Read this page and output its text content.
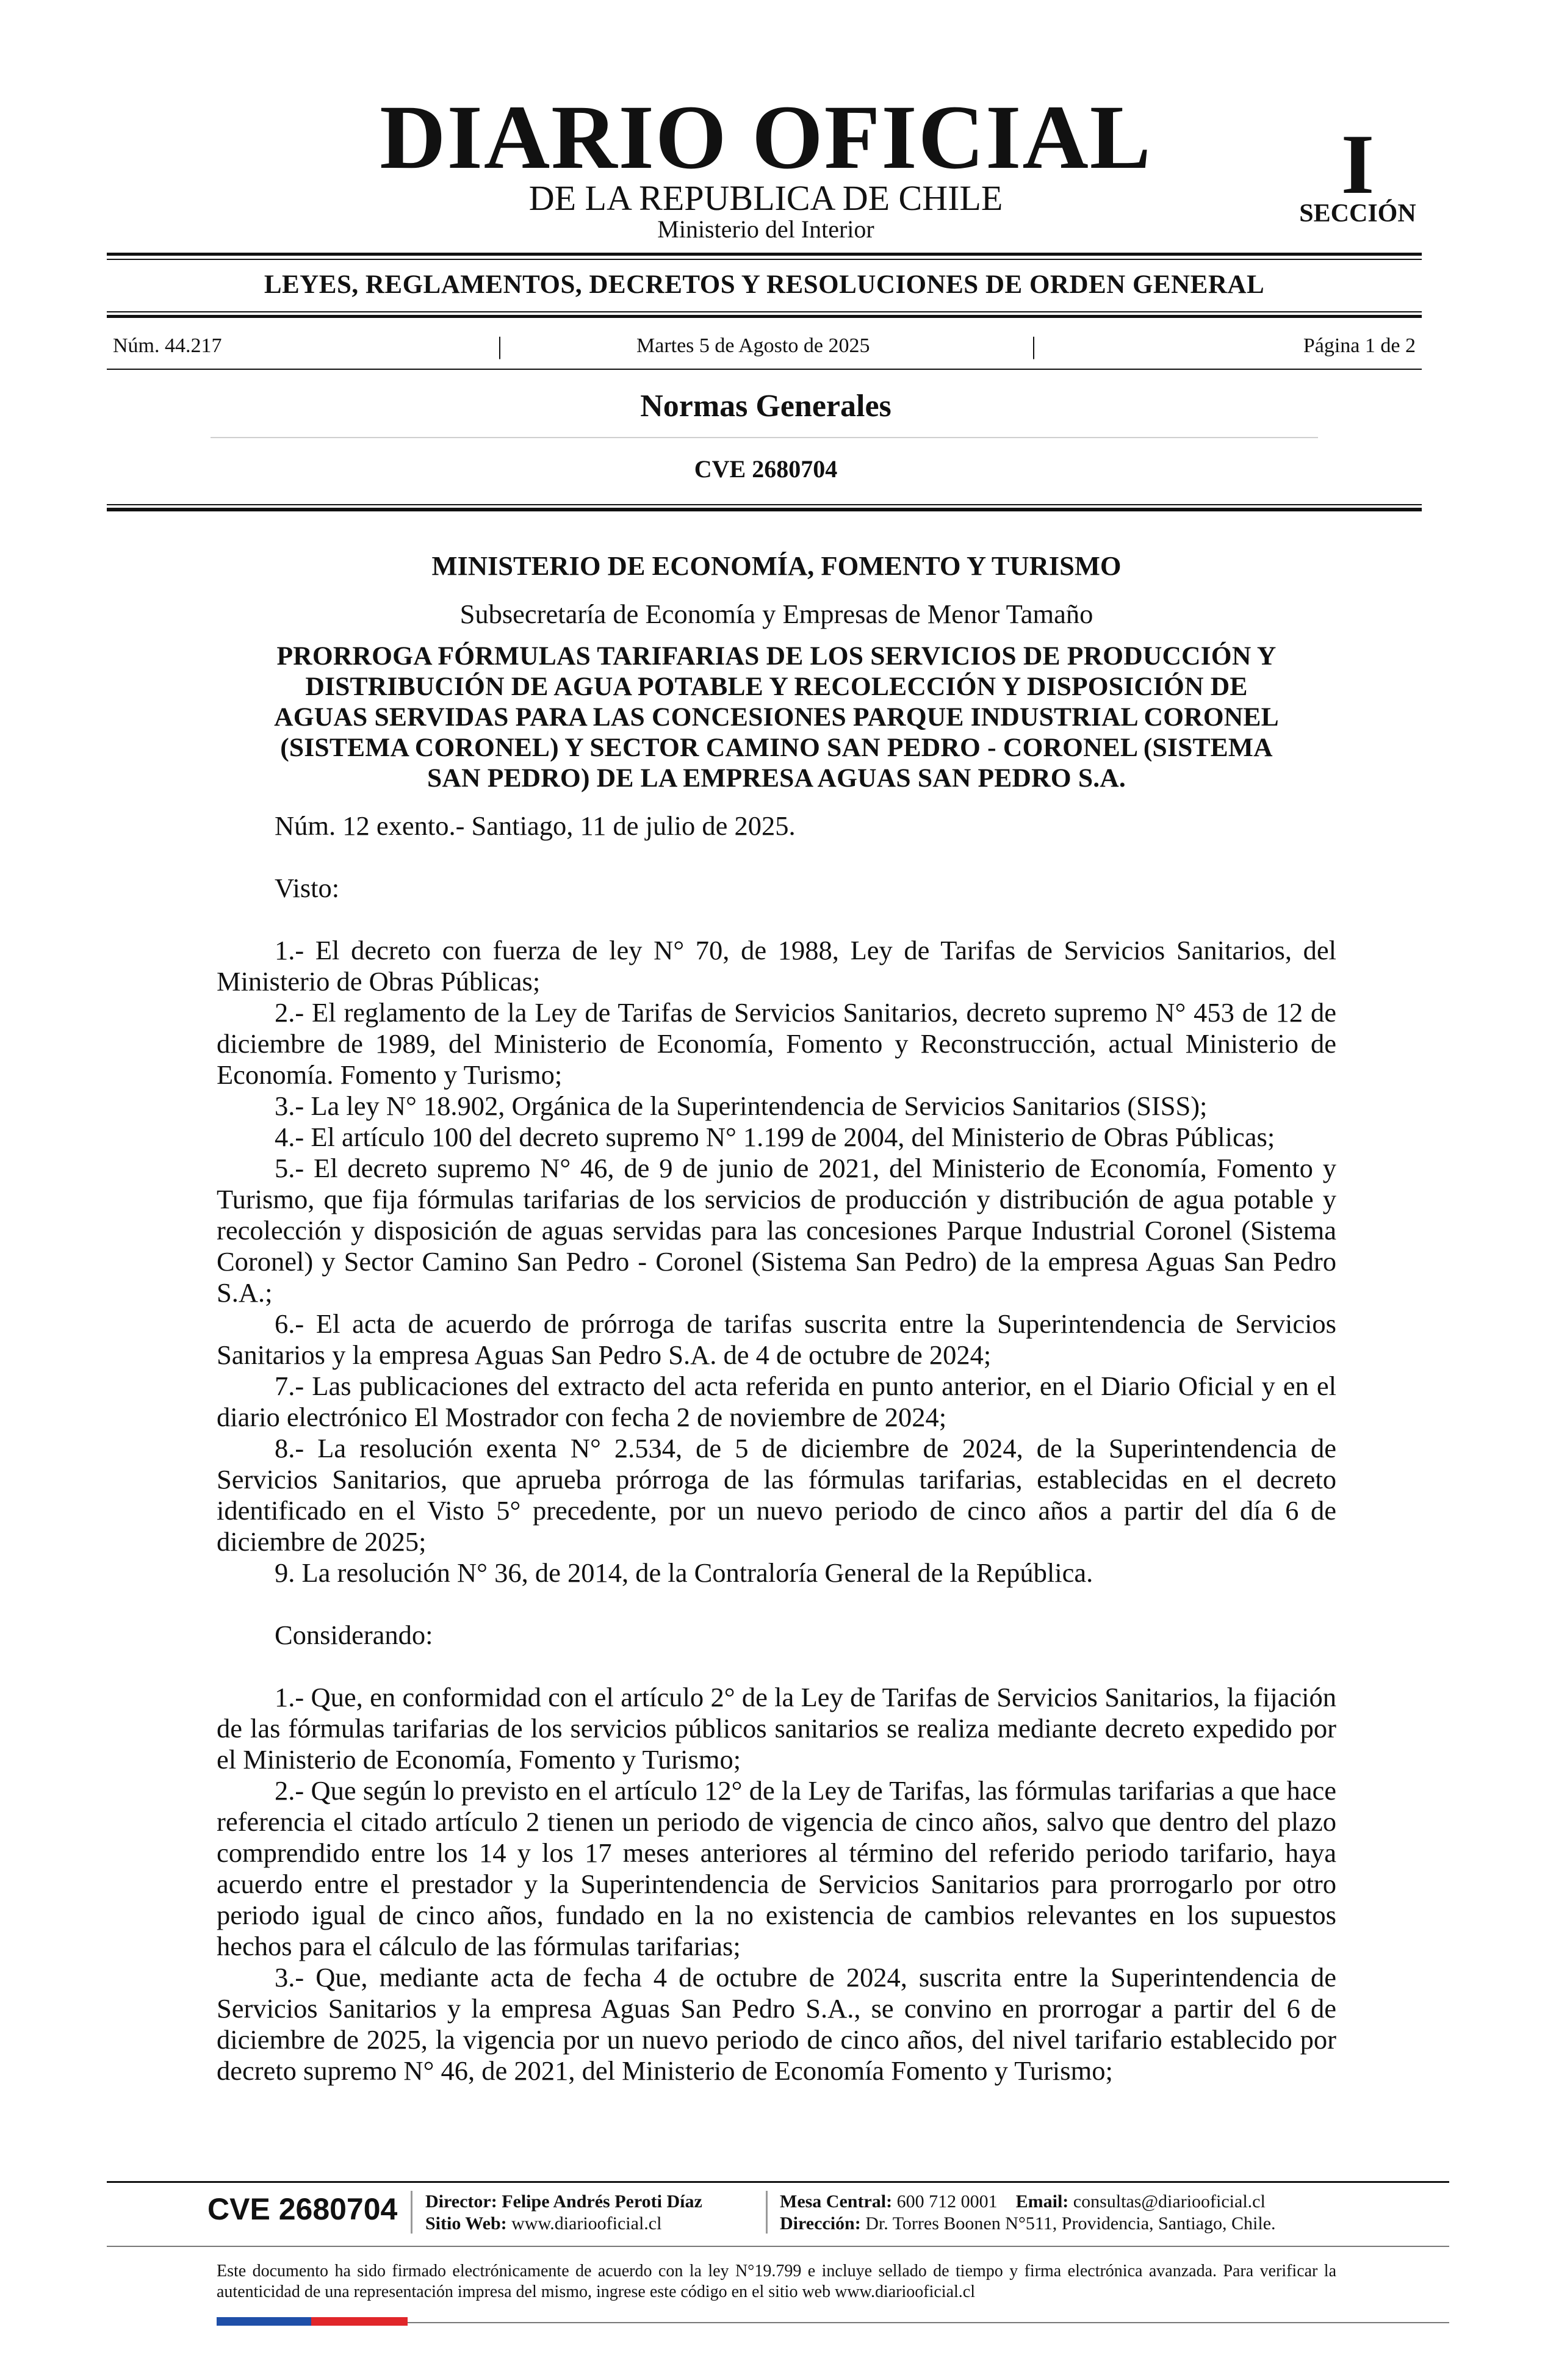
DIARIO OFICIAL
DE LA REPUBLICA DE CHILE
Ministerio del Interior
I
SECCIÓN
LEYES, REGLAMENTOS, DECRETOS Y RESOLUCIONES DE ORDEN GENERAL
Núm. 44.217	|	Martes 5 de Agosto de 2025	|	Página 1 de 2
Normas Generales
CVE 2680704
MINISTERIO DE ECONOMÍA, FOMENTO Y TURISMO
Subsecretaría de Economía y Empresas de Menor Tamaño
PRORROGA FÓRMULAS TARIFARIAS DE LOS SERVICIOS DE PRODUCCIÓN Y
DISTRIBUCIÓN DE AGUA POTABLE Y RECOLECCIÓN Y DISPOSICIÓN DE
AGUAS SERVIDAS PARA LAS CONCESIONES PARQUE INDUSTRIAL CORONEL
(SISTEMA CORONEL) Y SECTOR CAMINO SAN PEDRO - CORONEL (SISTEMA
SAN PEDRO) DE LA EMPRESA AGUAS SAN PEDRO S.A.

Núm. 12 exento.- Santiago, 11 de julio de 2025.

Visto:

1.- El decreto con fuerza de ley N° 70, de 1988, Ley de Tarifas de Servicios Sanitarios, del Ministerio de Obras Públicas;

2.- El reglamento de la Ley de Tarifas de Servicios Sanitarios, decreto supremo N° 453 de 12 de diciembre de 1989, del Ministerio de Economía, Fomento y Reconstrucción, actual Ministerio de Economía. Fomento y Turismo;

3.- La ley N° 18.902, Orgánica de la Superintendencia de Servicios Sanitarios (SISS);

4.- El artículo 100 del decreto supremo N° 1.199 de 2004, del Ministerio de Obras Públicas;

5.- El decreto supremo N° 46, de 9 de junio de 2021, del Ministerio de Economía, Fomento y Turismo, que fija fórmulas tarifarias de los servicios de producción y distribución de agua potable y recolección y disposición de aguas servidas para las concesiones Parque Industrial Coronel (Sistema Coronel) y Sector Camino San Pedro - Coronel (Sistema San Pedro) de la empresa Aguas San Pedro S.A.;

6.- El acta de acuerdo de prórroga de tarifas suscrita entre la Superintendencia de Servicios Sanitarios y la empresa Aguas San Pedro S.A. de 4 de octubre de 2024;

7.- Las publicaciones del extracto del acta referida en punto anterior, en el Diario Oficial y en el diario electrónico El Mostrador con fecha 2 de noviembre de 2024;

8.- La resolución exenta N° 2.534, de 5 de diciembre de 2024, de la Superintendencia de Servicios Sanitarios, que aprueba prórroga de las fórmulas tarifarias, establecidas en el decreto identificado en el Visto 5° precedente, por un nuevo periodo de cinco años a partir del día 6 de diciembre de 2025;

9. La resolución N° 36, de 2014, de la Contraloría General de la República.

Considerando:

1.- Que, en conformidad con el artículo 2° de la Ley de Tarifas de Servicios Sanitarios, la fijación de las fórmulas tarifarias de los servicios públicos sanitarios se realiza mediante decreto expedido por el Ministerio de Economía, Fomento y Turismo;

2.- Que según lo previsto en el artículo 12° de la Ley de Tarifas, las fórmulas tarifarias a que hace referencia el citado artículo 2 tienen un periodo de vigencia de cinco años, salvo que dentro del plazo comprendido entre los 14 y los 17 meses anteriores al término del referido periodo tarifario, haya acuerdo entre el prestador y la Superintendencia de Servicios Sanitarios para prorrogarlo por otro periodo igual de cinco años, fundado en la no existencia de cambios relevantes en los supuestos hechos para el cálculo de las fórmulas tarifarias;

3.- Que, mediante acta de fecha 4 de octubre de 2024, suscrita entre la Superintendencia de Servicios Sanitarios y la empresa Aguas San Pedro S.A., se convino en prorrogar a partir del 6 de diciembre de 2025, la vigencia por un nuevo periodo de cinco años, del nivel tarifario establecido por decreto supremo N° 46, de 2021, del Ministerio de Economía Fomento y Turismo;

CVE 2680704 Director: Felipe Andrés Peroti Díaz
Sitio Web: www.diariooficial.cl
Mesa Central: 600 712 0001 Email: consultas@diariooficial.cl
Dirección: Dr. Torres Boonen N°511, Providencia, Santiago, Chile.
Este documento ha sido firmado electrónicamente de acuerdo con la ley N°19.799 e incluye sellado de tiempo y firma electrónica avanzada. Para verificar la autenticidad de una representación impresa del mismo, ingrese este código en el sitio web www.diariooficial.cl
